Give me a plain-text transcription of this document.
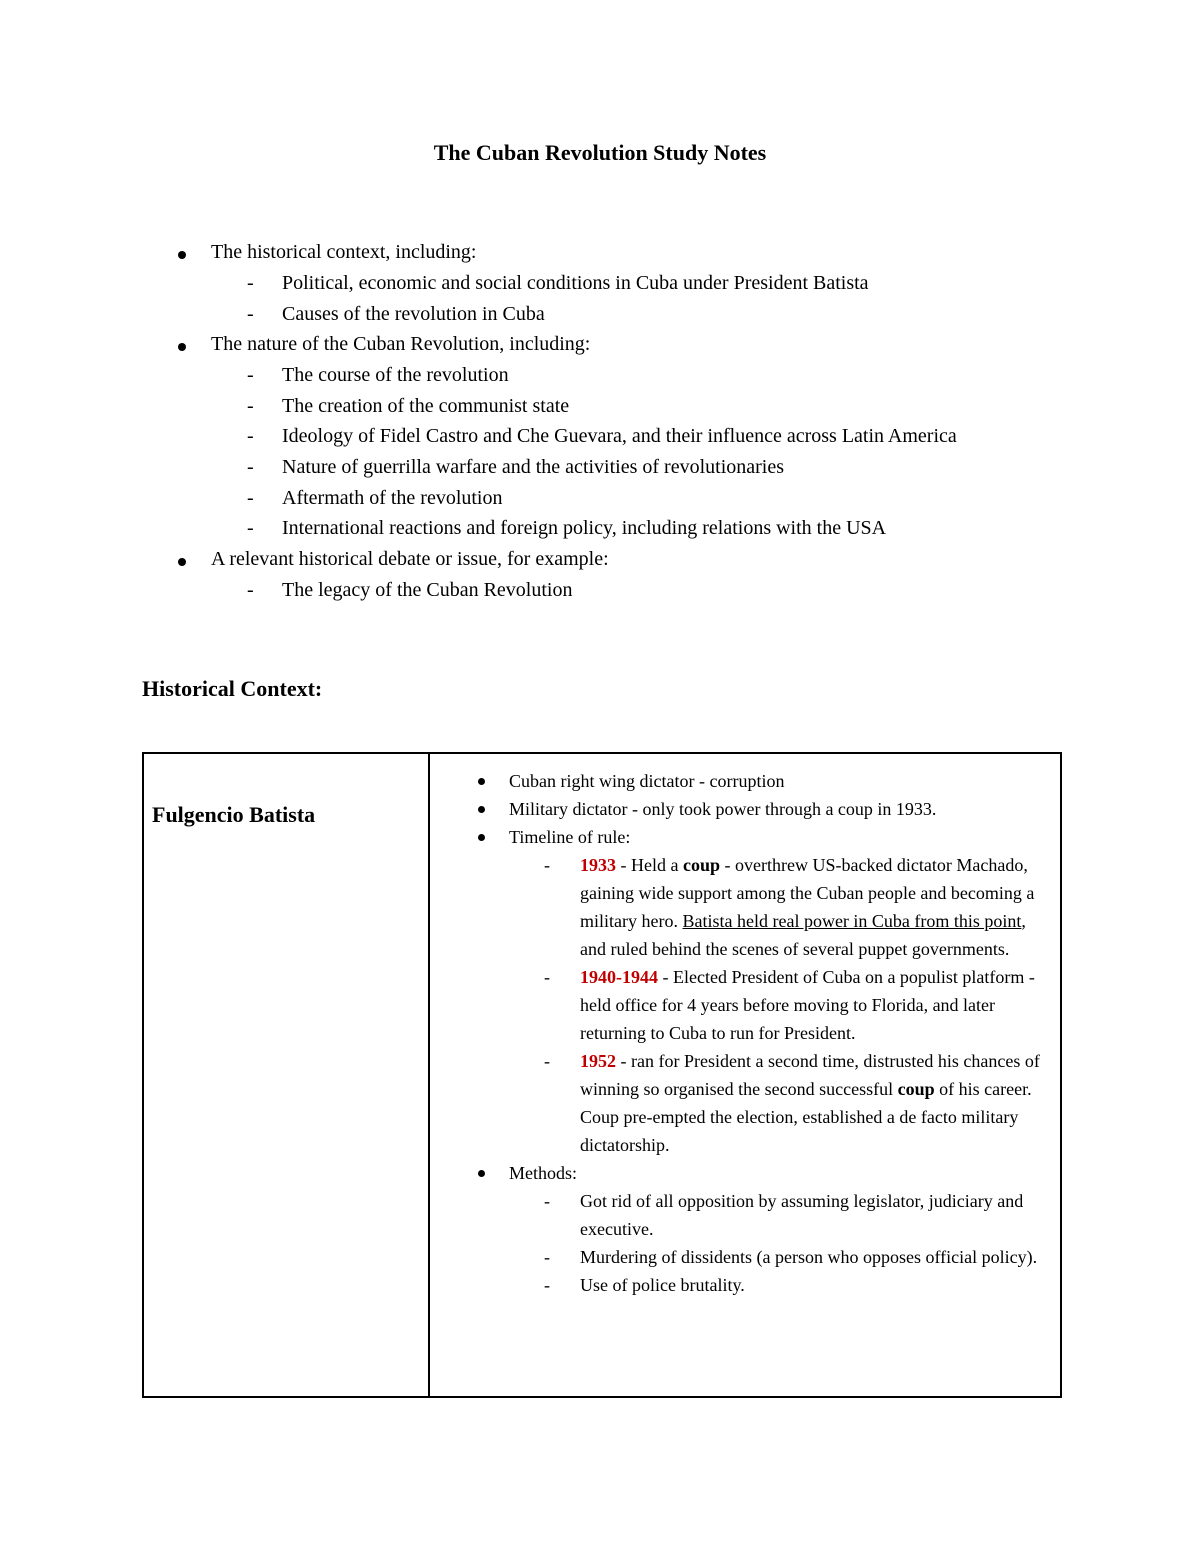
The Cuban Revolution Study Notes
The historical context, including:
- Political, economic and social conditions in Cuba under President Batista
- Causes of the revolution in Cuba
The nature of the Cuban Revolution, including:
- The course of the revolution
- The creation of the communist state
- Ideology of Fidel Castro and Che Guevara, and their influence across Latin America
- Nature of guerrilla warfare and the activities of revolutionaries
- Aftermath of the revolution
- International reactions and foreign policy, including relations with the USA
A relevant historical debate or issue, for example:
- The legacy of the Cuban Revolution
Historical Context:
Fulgencio Batista

Cuban right wing dictator - corruption
Military dictator - only took power through a coup in 1933.
Timeline of rule:
- 1933 - Held a coup - overthrew US-backed dictator Machado, gaining wide support among the Cuban people and becoming a military hero. Batista held real power in Cuba from this point, and ruled behind the scenes of several puppet governments.
- 1940-1944 - Elected President of Cuba on a populist platform - held office for 4 years before moving to Florida, and later returning to Cuba to run for President.
- 1952 - ran for President a second time, distrusted his chances of winning so organised the second successful coup of his career. Coup pre-empted the election, established a de facto military dictatorship.
Methods:
- Got rid of all opposition by assuming legislator, judiciary and executive.
- Murdering of dissidents (a person who opposes official policy).
- Use of police brutality.
